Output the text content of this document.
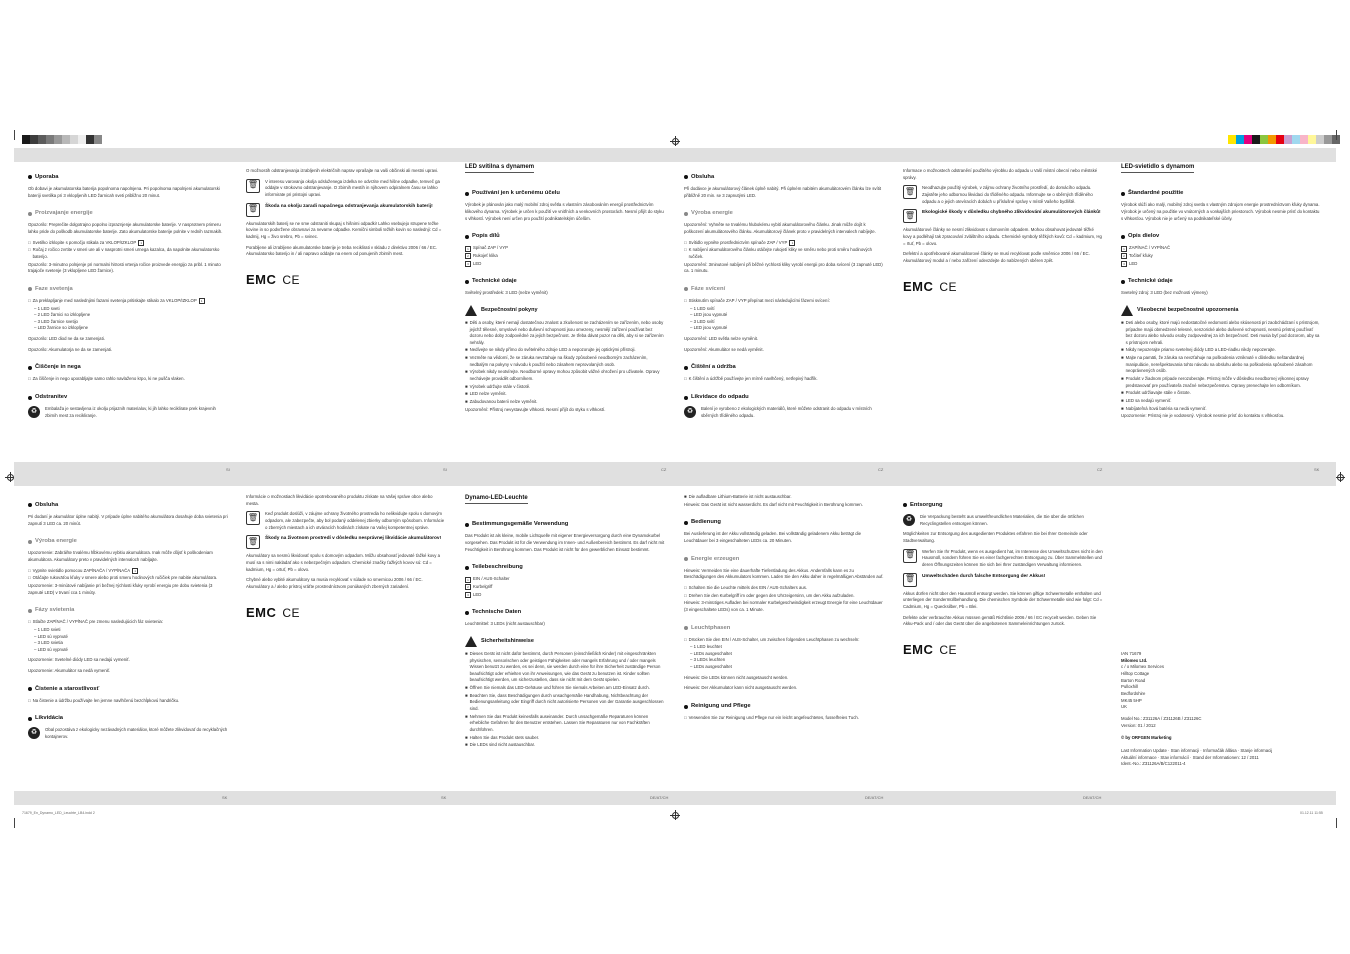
SI	SI	CZ	CZ	CZ	SK
SK	SK	DE/AT/CH	DE/AT/CH	DE/AT/CH
Uporaba

Ob dobavi je akumulatorska baterija popolnoma napolnjena. Pri popolnoma napolnjeni akumulatorski bateriji svetilka pri 3 vklopljenih LED žarnicah sveti približno 20 minut.

Proizvajanje energije

Opozorilo: Preprečite dolgotrajno popolno izpraznjenje akumulatorske baterije. V nasprotnem primeru lahko pride do poškodb akumulatorske baterije. Zato akumulatorske baterije polnite v rednih razmakih.

□ Svetilko izklopite s pomočjo stikala za VKLOP/IZKLOP	1
□ Ročaj z ročico zvrtite v smeri ure ali v nasprotni smeri urnega kazalca, da napolnite akumulatorsko baterijo.

Opozorilo: 3-minutno polnjenje pri normalni hitrosti vrtenja ročice proizvede energijo za pribl. 1 minuto trajajoče svetenje (3 vklopljene LED žarnice).

Faze svetenja
□ Za preklapljanje med naslednjimi fazami svetenja pritiskajte stikalo za VKLOP/IZKLOP	1
– 1 LED sveti
– 2 LED žarnici so izklopljene
– 3 LED žarnice svetijo
– LED žarnice so izklopljene

Opozorilo: LED diod ne da se zamenjati.

Opozorilo: Akumulatorja ne da se zamenjati.

Čiščenje in nega
□ Za čiščenje in nego uporabljajte samo rahlo navlaženo krpo, ki ne pušča vlaken.
Odstranitev
♻	Embalaža je sestavljena iz okolju prijaznih materialov, ki jih lahko reciklirate prek krajevnih zbirnih mest za recikliranje.

O možnostih odstranjevanja izrabljenih električnih naprav vprašajte na vaši občinski ali mestni upravi.

🗑	V interesu varovanja okolja odsluženega izdelka ne odvrzite med hišne odpadke, temveč ga oddajte v strokovno odstranjevanje. O zbirnih mestih in njihovem odpiralnem času se lahko informirate pri pristojni upravi.
🗑	Škoda na okolju zaradi napačnega odstranjevanja akumulatorskih baterij!

Akumulatorskih baterij se ne sme odstraniti skupaj s hišnimi odpadki! Lahko vsebujejo strupene težke kovine in so podvržene obravnavi za nevarne odpadke. Kemični simboli težkih kovin so naslednji: Cd = kadmij, Hg = živo srebro, Pb = svinec.

Porabljene ali izrabljene akumulatorske baterije je treba reciklirati v skladu z direktivo 2006 / 66 / EC. Akumulatorsko baterijo in / ali napravo oddajte na enem od ponujenih zbirnih mest.

EMC CE
LED svítilna s dynamem
Používání jen k určenému účelu

Výrobek je plánován jako malý mobilní zdroj světla s vlastním zásobováním energií prostřednictvím klikového dynama. Výrobek je určen k použití ve vnitřních a venkovních prostorách. Nesmí přijít do styku s vlhkostí. Výrobek není určen pro použití podnikatelským účelům.

Popis dílů
1 Spínač ZAP / VYP
2 Rukojeť klika
3 LED
Technické údaje

Světelný prostředek: 3 LED (nelze vyměnit)

Bezpečnostní pokyny
■ Děti a osoby, které nemají dostatečnou znalost a zkušenost se zacházením se zařízením, nebo osoby jejichž tělesné, smyslové nebo duševní schopnosti jsou omezeny, nesmějí zařízení používat bez dozoru nebo doby zodpovědné za jejich bezpečnost. Je třeba dávat pozor na děti, aby si se zařízením nehrály.
■ Nedívejte se nikdy přímo do světelného zdroje LED a nepozorujte jej optickými přístroji.
■ Vezměte na vědomí, že se záruka nevztahuje na škody způsobené neodborným zacházením, nedbalým na pokyny v návodu k použití nebo zásahem neprovolaných osob.
■ Výrobek nikdy neotvírejte. Neodborné opravy mohou způsobit vážné ohrožení pro uživatele. Opravy nechávejte provádět odborníkem.
■ Výrobek udržujte stále v čistotě.
■ LED nelze vyměnit.
■ Zabudovanou baterii nelze vyměnit.

Upozornění: Přístroj nevystavujte vlhkosti. Nesmí přijít do styku s vlhkostí.

Obsluha

Při dodávce je akumulátorový článek úplně nabitý. Při úplném nabitém akumulátorovém článku lze svítit přibližně 20 min. se 3 zapnutými LED.

Výroba energie

Upozornění: Vyhněte se trvalému hlubokému vybití akumulátorového článku. Jinak může dojít k poškození akumulátorového článku. Akumulátorový článek proto v pravidelných intervalech nabíjejte.

□ Svítidlo vypněte prostřednictvím spínače ZAP / VYP	1
□ K nabíjení akumulátorového článku otáčejte rukojetí kliky ve směru nebo proti směru hodinových ručiček.

Upozornění: 3minutové nabíjení při běžné rychlosti kliky vyrobí energii pro doba svícení (3 zapnuté LED) ca. 1 minutu.

Fáze svícení
□ Stisknutím spínače ZAP / VYP přepínat mezi následujícími fázemi svícení:
– 1 LED svítí
– LED jsou vypnuté
– 3 LED svítí
– LED jsou vypnuté

Upozornění: LED světla nelze vyměnit.

Upozornění: Akumulátor se nedá vyměnit.

Čištění a údržba
□ K čištění a údržbě používejte jen mírně navlhčený, netřepivý hadřík.
Likvidace do odpadu
♻	Balení je vyrobeno z ekologických materiálů, které můžete odstranit do odpadu v místních sběrných tříděného odpadu.

Informace o možnostech odstranění použitého výrobku do odpadu u Vaší místní obecní nebo městské správy.

🗑	Neodhazujte použitý výrobek, v zájmu ochrany životního prostředí, do domácího odpadu. Zajistěte jeho odbornou likvidaci do tříděného odpadu. Informujte se o sběrných tříděného odpadu a o jejich otevíracích dobách u příslušné správy v místě Vašeho bydliště.
🗑	Ekologické škody v důsledku chybného zlikvidování akumulátorových článků!

Akumulátorové články se nesmí zlikvidovat s domovním odpadem. Mohou obsahovat jedovaté těžké kovy a podléhají tak zpracování zvláštního odpadu. Chemické symboly těžkých kovů: Cd = kadmium, Hg = rtuť, Pb = olovo.

Defektní a opotřebované akumulátorové články se musí recyklovat podle směrnice 2006 / 66 / EC. Akumulátorový modul a / nebo zařízení odevzdejte do nabízených sběren zpět.

EMC CE
LED-svietidlo s dynamom
Štandardné použitie

Výrobok slúži ako malý, mobilný zdroj svetla s vlastným zdrojom energie prostredníctvom kľuky dynama. Výrobok je určený na použitie vo vnútorných a vonkajších priestoroch. Výrobok nesmie prísť do kontaktu s vlhkosťou. Výrobok nie je určený na podnikateľské účely.

Opis dielov
1 ZAPÍNAČ / VYPÍNAČ
2 Točiteľ kľuky
3 LED
Technické údaje

Svetelný zdroj: 3 LED (bez možnosti výmeny)

Všeobecné bezpečnostné upozornenia
■ Deti alebo osoby, ktoré majú nedostatočné vedomosti alebo skúsenosti pri zaobchádzaní s prístrojom, prípadne majú obmedzené telesné, senzorické alebo duševné schopnosti, nesmú prístroj používať bez dozoru alebo návodu osoby zodpovednej za ich bezpečnosť. Deti musia byť pod dozorom, aby sa s prístrojom nehrali.
■ Nikdy nepozerajte priamo svetelnej diódy LED a LED-riadku nikdy nepozerajte.
■ Majte na pamäti, že záruka sa nevzťahuje na poškodenia vzniknuté v dôsledku neštandardnej manipulácie, nerešpektovania tohto návodu na obsluhu alebo na poškodenia spôsobené zásahom neoprávnených osôb.
■ Produkt v žiadnom prípade nerozoberajte. Prístroj môže v dôsledku neodbornej výkonnej opravy predstavovať pre používateľa značné nebezpečenstvo. Opravy prenechajte len odborníkom.
■ Produkt udržiavajte stále v čistote.
■ LED sa nedajú vymeniť.
■ Nabíjateľná /tová batéria sa nedá vymeniť.

Upozornenie: Prístroj nie je vodotesný. Výrobok nesmie prísť do kontaktu s vlhkosťou.

Obsluha

Pri dodaní je akumulátor úplne nabitý. V prípade úplne nabitého akumulátora dosahuje doba svietenia pri zapnutí 3 LED ca. 20 minút.

Výroba energie

Upozornenie: Zabráňte trvalému hĺbkovému vybitiu akumulátora. Inak môže dôjsť k poškodeniam akumulátora. Akumulátory preto v pravidelných intervaloch nabíjajte.

□ Vypnite svietidlo pomocou ZAPÍNAČA / VYPÍNAČA	1
□ Otáčajte rukoväťou kľuky v smere alebo proti smeru hodinových ručičiek pre nabitie akumulátora.

Upozornenie: 3-minútové nabíjanie pri bežnej rýchlosti kľuky vyrobí energiu pre dobu svietenia (3 zapnuté LED) v trvaní cca 1 minúty.

Fázy svietenia
□ Stlačte ZAPÍNAČ / VYPÍNAČ pre zmenu nasledujúcich fáz svietenia:
– 1 LED svieti
– LED sú vypnuté
– 3 LED svietia
– LED sú vypnuté

Upozornenie: Svetelné diódy LED sa nedajú vymeniť.

Upozornenie: Akumulátor sa nedá vymeniť.

Čistenie a starostlivosť
□ Na čistenie a údržbu používajte len jemne navlhčenú bezchĺpkovú handričku.
Likvidácia
♻	Obal pozostáva z ekologicky nezávadných materiálov, ktoré môžete zlikvidovať do recyklačných kontajnerov.

Informácie o možnostiach likvidácie opotrebovaného produktu získate na Vašej správe obce alebo mesta.

🗑	Keď produkt doslúži, v záujme ochrany životného prostredia ho nelikvidujte spolu s domovým odpadom, ale zabezpečte, aby bol podaný oddelenej zbierky odborným spôsobom. Informácie o zberných miestach a ich otváracích hodinách získate na Vašej kompetentnej správe.
🗑	Škody na životnom prostredí v dôsledku nesprávnej likvidácie akumulátorov!

Akumulátory sa nesmú likvidovať spolu s domovým odpadom. Môžu obsahovať jedovaté ťažké kovy a musí sa s nimi nakladať ako s nebezpečným odpadom. Chemické značky ťažkých kovov sú: Cd = kadmium, Hg = ortuť, Pb = olovo.

Chybné alebo vybité akumulátory sa musia recyklovať v súlade so smernicou 2006 / 66 / EC. Akumulátory a / alebo prístroj vráťte prostredníctvom ponúkaných zberných zariadení.

EMC CE
Dynamo-LED-Leuchte
Bestimmungsgemäße Verwendung

Das Produkt ist als kleine, mobile Lichtquelle mit eigener Energieversorgung durch eine Dynamokurbel vorgesehen. Das Produkt ist für die Verwendung im Innen- und Außenbereich bestimmt. Es darf nicht mit Feuchtigkeit in Berührung kommen. Das Produkt ist nicht für den gewerblichen Einsatz bestimmt.

Teilebeschreibung
1 EIN / AUS-Schalter
2 Kurbelgriff
3 LED
Technische Daten

Leuchtmittel: 3 LEDs (nicht austauschbar)

Sicherheitshinweise
■ Dieses Gerät ist nicht dafür bestimmt, durch Personen (einschließlich Kinder) mit eingeschränkten physischen, sensorischen oder geistigen Fähigkeiten oder mangels Erfahrung und / oder mangels Wissen benutzt zu werden, es sei denn, sie werden durch eine für ihre Sicherheit zuständige Person beaufsichtigt oder erhielten von ihr Anweisungen, wie das Gerät zu benutzen ist. Kinder sollten beaufsichtigt werden, um sicherzustellen, dass sie nicht mit dem Gerät spielen.
■ Öffnen Sie niemals das LED-Gehäuse und führen Sie niemals Arbeiten am LED-Einsatz durch.
■ Beachten Sie, dass Beschädigungen durch unsachgemäße Handhabung, Nichtbeachtung der Bedienungsanleitung oder Eingriff durch nicht autorisierte Personen von der Garantie ausgeschlossen sind.
■ Nehmen Sie das Produkt keinesfalls auseinander. Durch unsachgemäße Reparaturen können erhebliche Gefahren für den Benutzer entstehen. Lassen Sie Reparaturen nur von Fachkräften durchführen.
■ Halten Sie das Produkt stets sauber.
■ Die LEDs sind nicht austauschbar.
■ Die aufladbare Lithium-Batterie ist nicht austauschbar.

Hinweis: Das Gerät ist nicht wasserdicht. Es darf nicht mit Feuchtigkeit in Berührung kommen.

Bedienung

Bei Auslieferung ist der Akku vollständig geladen. Bei vollständig geladenem Akku beträgt die Leuchtdauer bei 3 eingeschalteten LEDs ca. 20 Minuten.

Energie erzeugen

Hinweis: Vermeiden Sie eine dauerhafte Tiefentladung des Akkus. Andernfalls kann es zu Beschädigungen des Akkumulators kommen. Laden Sie den Akku daher in regelmäßigen Abständen auf.

□ Schalten Sie die Leuchte mittels des EIN / AUS-Schalters aus.
□ Drehen Sie den Kurbelgriff im oder gegen den Uhrzeigersinn, um den Akku aufzuladen.

Hinweis: 3-minütiges Aufladen bei normaler Kurbelgeschwindigkeit erzeugt Energie für eine Leuchtdauer (3 eingeschaltete LEDs) von ca. 1 Minute.

Leuchtphasen
□ Drücken Sie den EIN / AUS-Schalter, um zwischen folgenden Leuchtphasen zu wechseln:
– 1 LED leuchtet
– LEDs ausgeschaltet
– 3 LEDs leuchten
– LEDs ausgeschaltet

Hinweis: Die LEDs können nicht ausgetauscht werden.

Hinweis: Der Akkumulator kann nicht ausgetauscht werden.

Reinigung und Pflege
□ Verwenden Sie zur Reinigung und Pflege nur ein leicht angefeuchtetes, fusselfreies Tuch.
Entsorgung
♻	Die Verpackung besteht aus umweltfreundlichen Materialien, die Sie über die örtlichen Recyclingstellen entsorgen können.

Möglichkeiten zur Entsorgung des ausgedienten Produktes erfahren Sie bei Ihrer Gemeinde oder Stadtverwaltung.

🗑	Werfen Sie Ihr Produkt, wenn es ausgedient hat, im Interesse des Umweltschutzes nicht in den Hausmüll, sondern führen Sie es einer fachgerechten Entsorgung zu. Über Sammelstellen und deren Öffnungszeiten können Sie sich bei Ihrer zuständigen Verwaltung informieren.
🗑	Umweltschäden durch falsche Entsorgung der Akkus!

Akkus dürfen nicht über den Hausmüll entsorgt werden. Sie können giftige Schwermetalle enthalten und unterliegen der Sondermüllbehandlung. Die chemischen Symbole der Schwermetalle sind wie folgt: Cd = Cadmium, Hg = Quecksilber, Pb = Blei.

Defekte oder verbrauchte Akkus müssen gemäß Richtlinie 2006 / 66 / EC recycelt werden. Geben Sie Akku-Pack und / oder das Gerät über die angebotenen Sammeleinrichtungen zurück.

EMC CE	IAN 71679

Milomex Ltd.

c / o Milomex Services

Hilltop Cottage

Barton Road

Pulloxhill

Bedfordshire

MK45 5HP

UK

Model No.: Z31126A / Z31126B / Z31126C

Version: 01 / 2012

© by ORFGEN Marketing

Last Information Update · Stan informacji · Informačák állása · Stanje informacij

Aktuální informace · Stav informácií · Stand der Informationen: 12 / 2011

Ident.-No.: Z31126A/B/C122011-4

71679_En_Dynamo_LED_Leuchte_LB4.indd 2	01.12.11 11:55
